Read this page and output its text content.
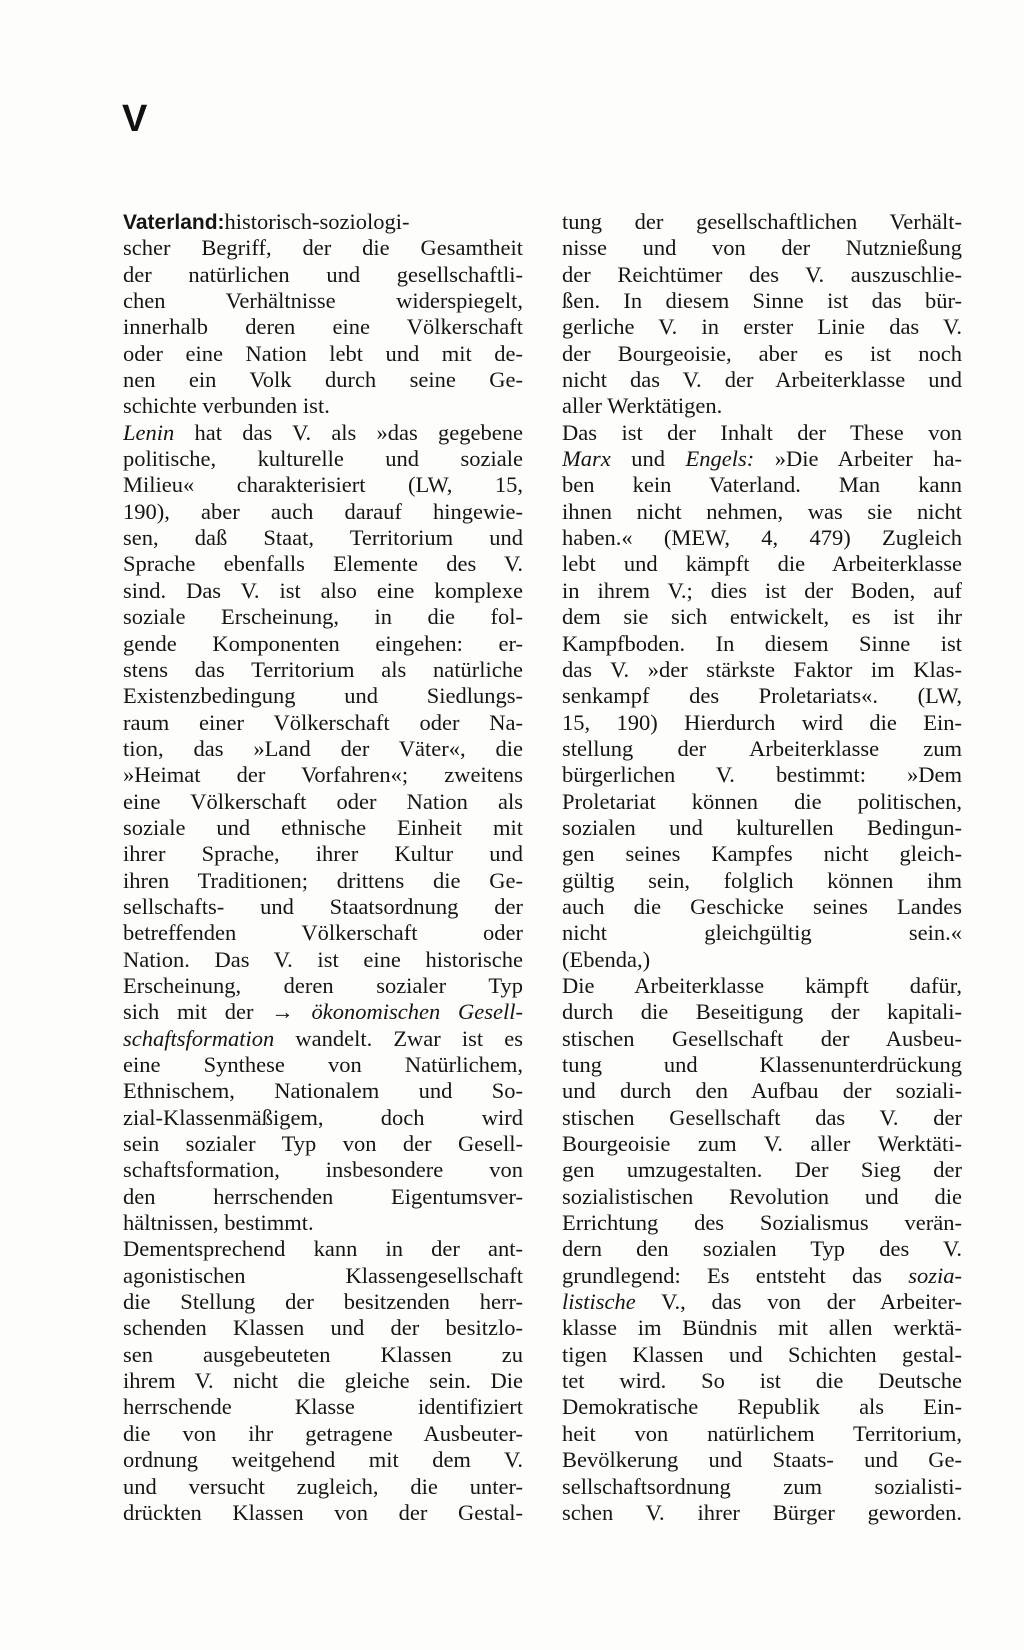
V
Vaterland:historisch-soziologi-
scher Begriff, der die Gesamtheit
der natürlichen und gesellschaftli-
chen Verhältnisse widerspiegelt,
innerhalb deren eine Völkerschaft
oder eine Nation lebt und mit de-
nen ein Volk durch seine Ge-
schichte verbunden ist.
Lenin hat das V. als »das gegebene
politische, kulturelle und soziale
Milieu« charakterisiert (LW, 15,
190), aber auch darauf hingewie-
sen, daß Staat, Territorium und
Sprache ebenfalls Elemente des V.
sind. Das V. ist also eine komplexe
soziale Erscheinung, in die fol-
gende Komponenten eingehen: er-
stens das Territorium als natürliche
Existenzbedingung und Siedlungs-
raum einer Völkerschaft oder Na-
tion, das »Land der Väter«, die
»Heimat der Vorfahren«; zweitens
eine Völkerschaft oder Nation als
soziale und ethnische Einheit mit
ihrer Sprache, ihrer Kultur und
ihren Traditionen; drittens die Ge-
sellschafts- und Staatsordnung der
betreffenden Völkerschaft oder
Nation. Das V. ist eine historische
Erscheinung, deren sozialer Typ
sich mit der → ökonomischen Gesell-
schaftsformation wandelt. Zwar ist es
eine Synthese von Natürlichem,
Ethnischem, Nationalem und So-
zial-Klassenmäßigem, doch wird
sein sozialer Typ von der Gesell-
schaftsformation, insbesondere von
den herrschenden Eigentumsver-
hältnissen, bestimmt.
Dementsprechend kann in der ant-
agonistischen Klassengesellschaft
die Stellung der besitzenden herr-
schenden Klassen und der besitzlo-
sen ausgebeuteten Klassen zu
ihrem V. nicht die gleiche sein. Die
herrschende Klasse identifiziert
die von ihr getragene Ausbeuter-
ordnung weitgehend mit dem V.
und versucht zugleich, die unter-
drückten Klassen von der Gestal-
tung der gesellschaftlichen Verhält-
nisse und von der Nutznießung
der Reichtümer des V. auszuschlie-
ßen. In diesem Sinne ist das bür-
gerliche V. in erster Linie das V.
der Bourgeoisie, aber es ist noch
nicht das V. der Arbeiterklasse und
aller Werktätigen.
Das ist der Inhalt der These von
Marx und Engels: »Die Arbeiter ha-
ben kein Vaterland. Man kann
ihnen nicht nehmen, was sie nicht
haben.« (MEW, 4, 479) Zugleich
lebt und kämpft die Arbeiterklasse
in ihrem V.; dies ist der Boden, auf
dem sie sich entwickelt, es ist ihr
Kampfboden. In diesem Sinne ist
das V. »der stärkste Faktor im Klas-
senkampf des Proletariats«. (LW,
15, 190) Hierdurch wird die Ein-
stellung der Arbeiterklasse zum
bürgerlichen V. bestimmt: »Dem
Proletariat können die politischen,
sozialen und kulturellen Bedingun-
gen seines Kampfes nicht gleich-
gültig sein, folglich können ihm
auch die Geschicke seines Landes
nicht gleichgültig sein.«
(Ebenda,)
Die Arbeiterklasse kämpft dafür,
durch die Beseitigung der kapitali-
stischen Gesellschaft der Ausbeu-
tung und Klassenunterdrückung
und durch den Aufbau der soziali-
stischen Gesellschaft das V. der
Bourgeoisie zum V. aller Werktäti-
gen umzugestalten. Der Sieg der
sozialistischen Revolution und die
Errichtung des Sozialismus verän-
dern den sozialen Typ des V.
grundlegend: Es entsteht das sozia-
listische V., das von der Arbeiter-
klasse im Bündnis mit allen werktä-
tigen Klassen und Schichten gestal-
tet wird. So ist die Deutsche
Demokratische Republik als Ein-
heit von natürlichem Territorium,
Bevölkerung und Staats- und Ge-
sellschaftsordnung zum sozialisti-
schen V. ihrer Bürger geworden.
